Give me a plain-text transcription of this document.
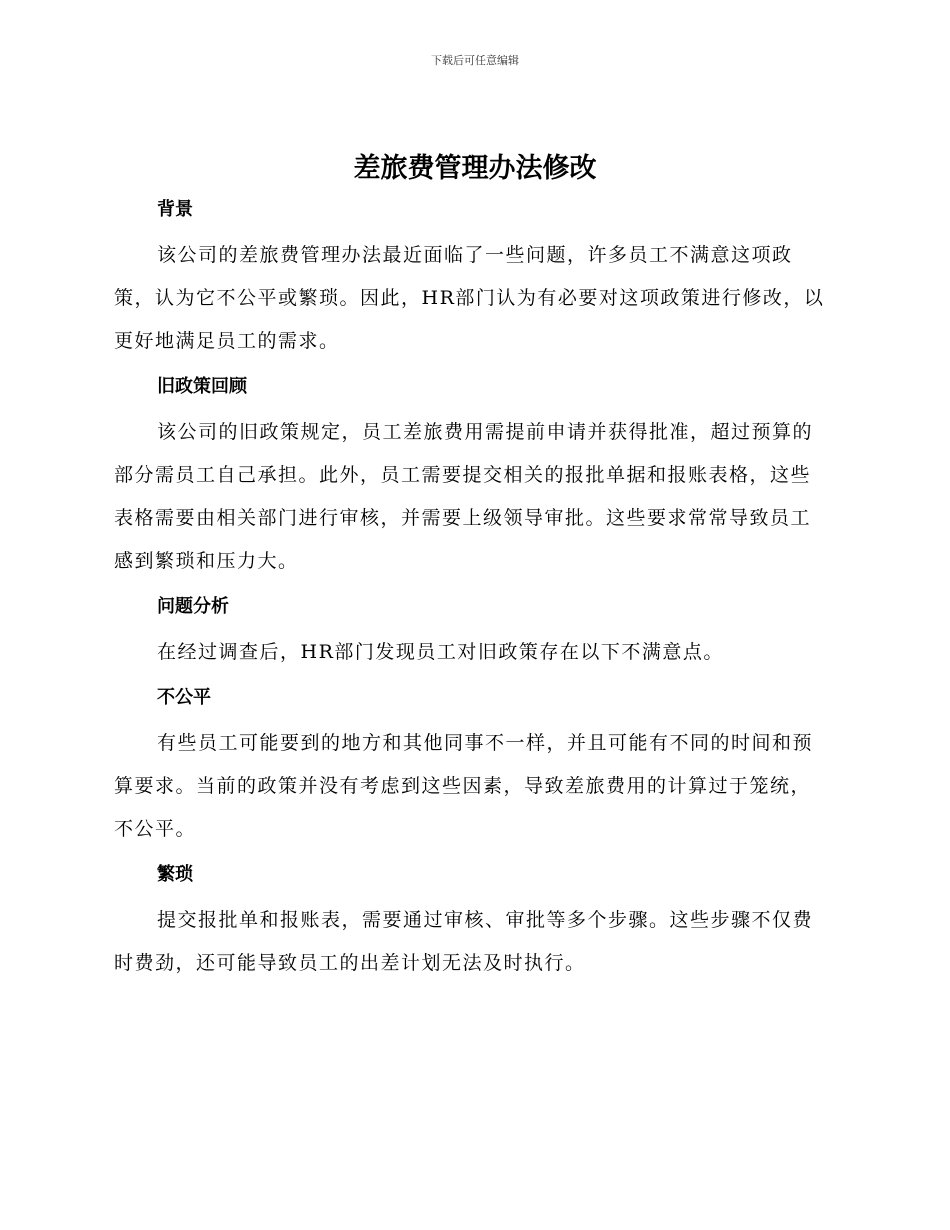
下载后可任意编辑
差旅费管理办法修改
背景

该公司的差旅费管理办法最近面临了一些问题，许多员工不满意这项政策，认为它不公平或繁琐。因此，HR部门认为有必要对这项政策进行修改，以更好地满足员工的需求。

旧政策回顾

该公司的旧政策规定，员工差旅费用需提前申请并获得批准，超过预算的部分需员工自己承担。此外，员工需要提交相关的报批单据和报账表格，这些表格需要由相关部门进行审核，并需要上级领导审批。这些要求常常导致员工感到繁琐和压力大。

问题分析

在经过调查后，HR部门发现员工对旧政策存在以下不满意点。

不公平

有些员工可能要到的地方和其他同事不一样，并且可能有不同的时间和预算要求。当前的政策并没有考虑到这些因素，导致差旅费用的计算过于笼统，不公平。

繁琐

提交报批单和报账表，需要通过审核、审批等多个步骤。这些步骤不仅费时费劲，还可能导致员工的出差计划无法及时执行。
